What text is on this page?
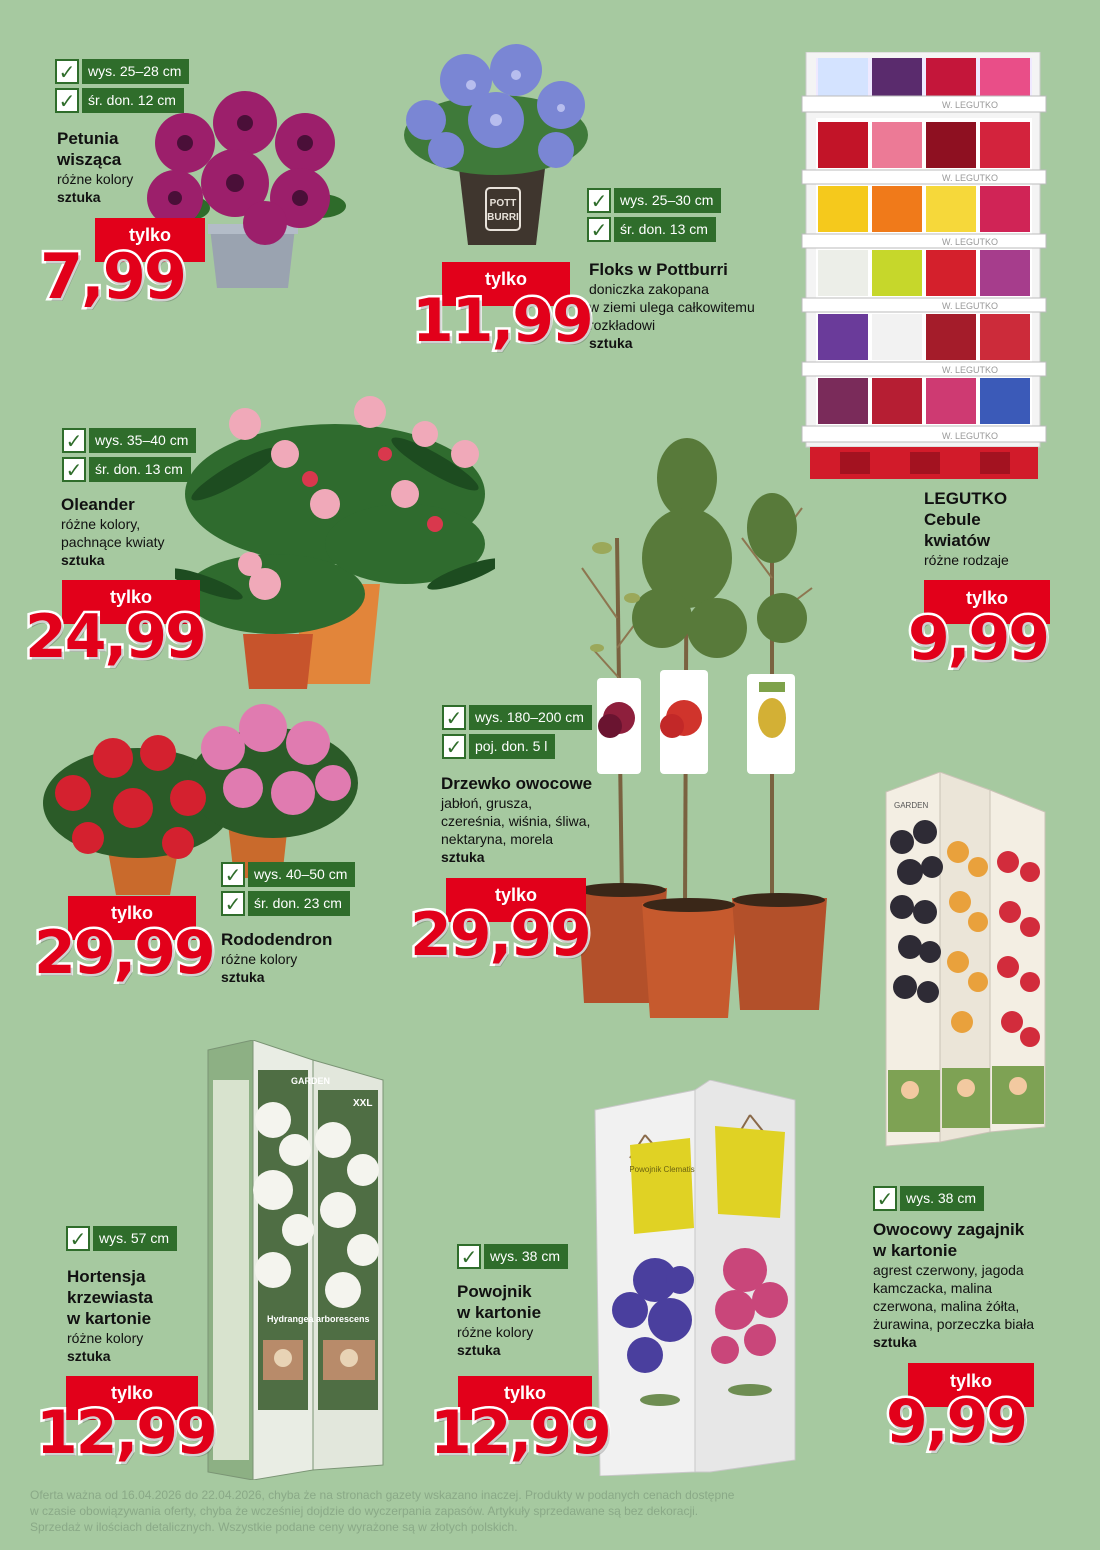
✓ wys. 25–28 cm
✓ śr. don. 12 cm
Petunia
wisząca
różne kolory
sztuka
tylko
7,99
POTT
BURRI
✓ wys. 25–30 cm
✓ śr. don. 13 cm
Floks w Pottburri
doniczka zakopana
w ziemi ulega całkowitemu
rozkładowi
sztuka
tylko
11,99
W. LEGUTKO
W. LEGUTKO
W. LEGUTKO
W. LEGUTKO
W. LEGUTKO
W. LEGUTKO
LEGUTKO
Cebule
kwiatów
różne rodzaje
tylko
9,99
✓ wys. 35–40 cm
✓ śr. don. 13 cm
Oleander
różne kolory,
pachnące kwiaty
sztuka
tylko
24,99
✓ wys. 180–200 cm
✓ poj. don. 5 l
Drzewko owocowe
jabłoń, grusza,
czereśnia, wiśnia, śliwa,
nektaryna, morela
sztuka
tylko
29,99
✓ wys. 40–50 cm
✓ śr. don. 23 cm
Rododendron
różne kolory
sztuka
tylko
29,99
GARDEN
✓ wys. 38 cm
Owocowy zagajnik
w kartonie
agrest czerwony, jagoda
kamczacka, malina
czerwona, malina żółta,
żurawina, porzeczka biała
sztuka
tylko
9,99
Hydrangea arborescens
GARDEN
XXL
✓ wys. 57 cm
Hortensja
krzewiasta
w kartonie
różne kolory
sztuka
tylko
12,99
Powojnik Clematis
✓ wys. 38 cm
Powojnik
w kartonie
różne kolory
sztuka
tylko
12,99
Oferta ważna od 16.04.2026 do 22.04.2026, chyba że na stronach gazety wskazano inaczej. Produkty w podanych cenach dostępne
w czasie obowiązywania oferty, chyba że wcześniej dojdzie do wyczerpania zapasów. Artykuły sprzedawane są bez dekoracji.
Sprzedaż w ilościach detalicznych. Wszystkie podane ceny wyrażone są w złotych polskich.
